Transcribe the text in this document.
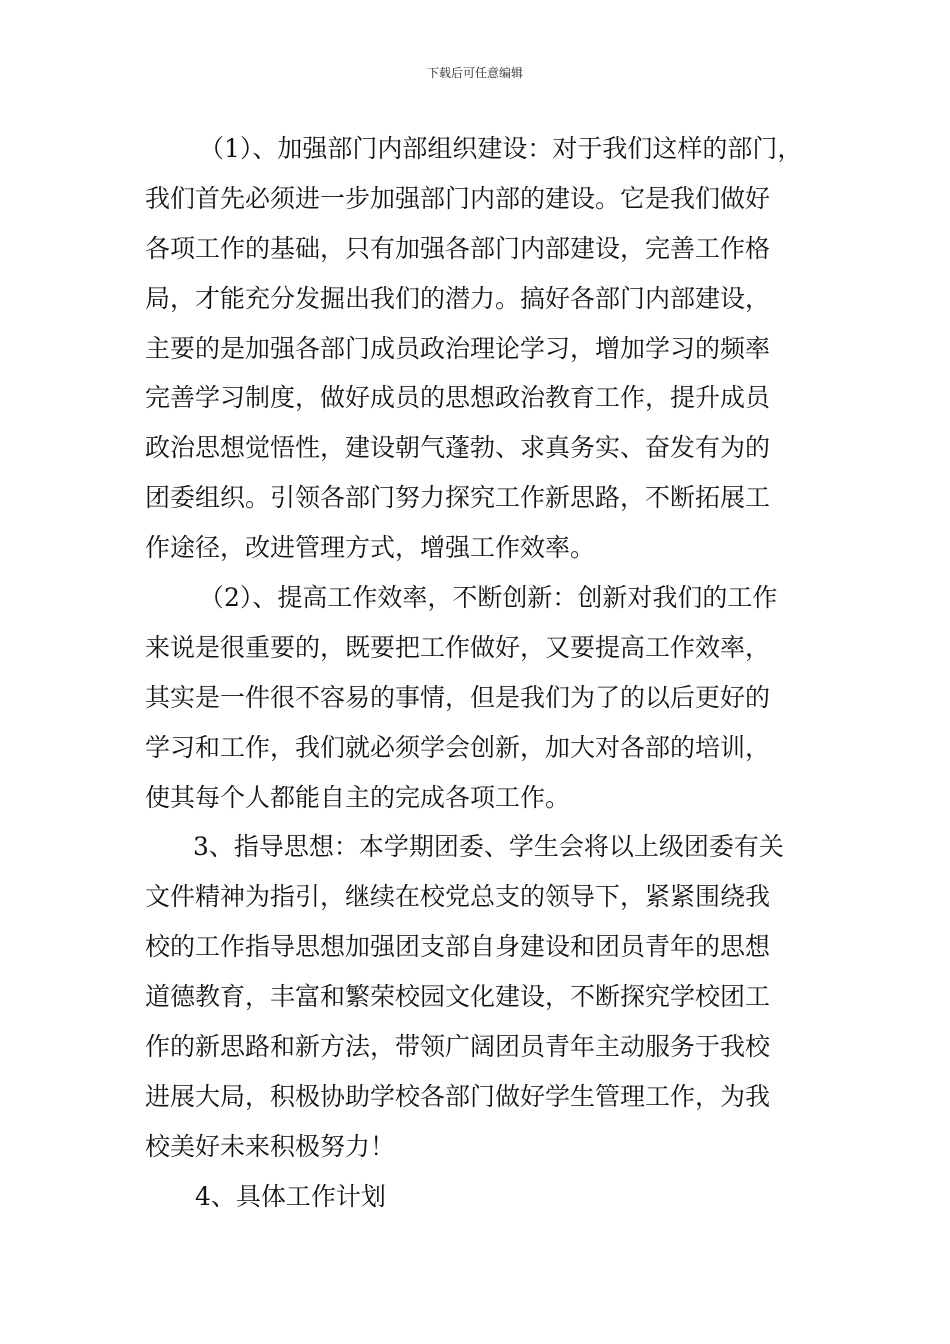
下载后可任意编辑
（1）、加强部门内部组织建设：对于我们这样的部门，
我们首先必须进一步加强部门内部的建设。它是我们做好
各项工作的基础，只有加强各部门内部建设，完善工作格
局，才能充分发掘出我们的潜力。搞好各部门内部建设，
主要的是加强各部门成员政治理论学习，增加学习的频率
完善学习制度，做好成员的思想政治教育工作，提升成员
政治思想觉悟性，建设朝气蓬勃、求真务实、奋发有为的
团委组织。引领各部门努力探究工作新思路，不断拓展工
作途径，改进管理方式，增强工作效率。
（2）、提高工作效率，不断创新：创新对我们的工作
来说是很重要的，既要把工作做好，又要提高工作效率，
其实是一件很不容易的事情，但是我们为了的以后更好的
学习和工作，我们就必须学会创新，加大对各部的培训，
使其每个人都能自主的完成各项工作。
3、指导思想：本学期团委、学生会将以上级团委有关
文件精神为指引，继续在校党总支的领导下，紧紧围绕我
校的工作指导思想加强团支部自身建设和团员青年的思想
道德教育，丰富和繁荣校园文化建设，不断探究学校团工
作的新思路和新方法，带领广阔团员青年主动服务于我校
进展大局，积极协助学校各部门做好学生管理工作，为我
校美好未来积极努力！
4、具体工作计划
